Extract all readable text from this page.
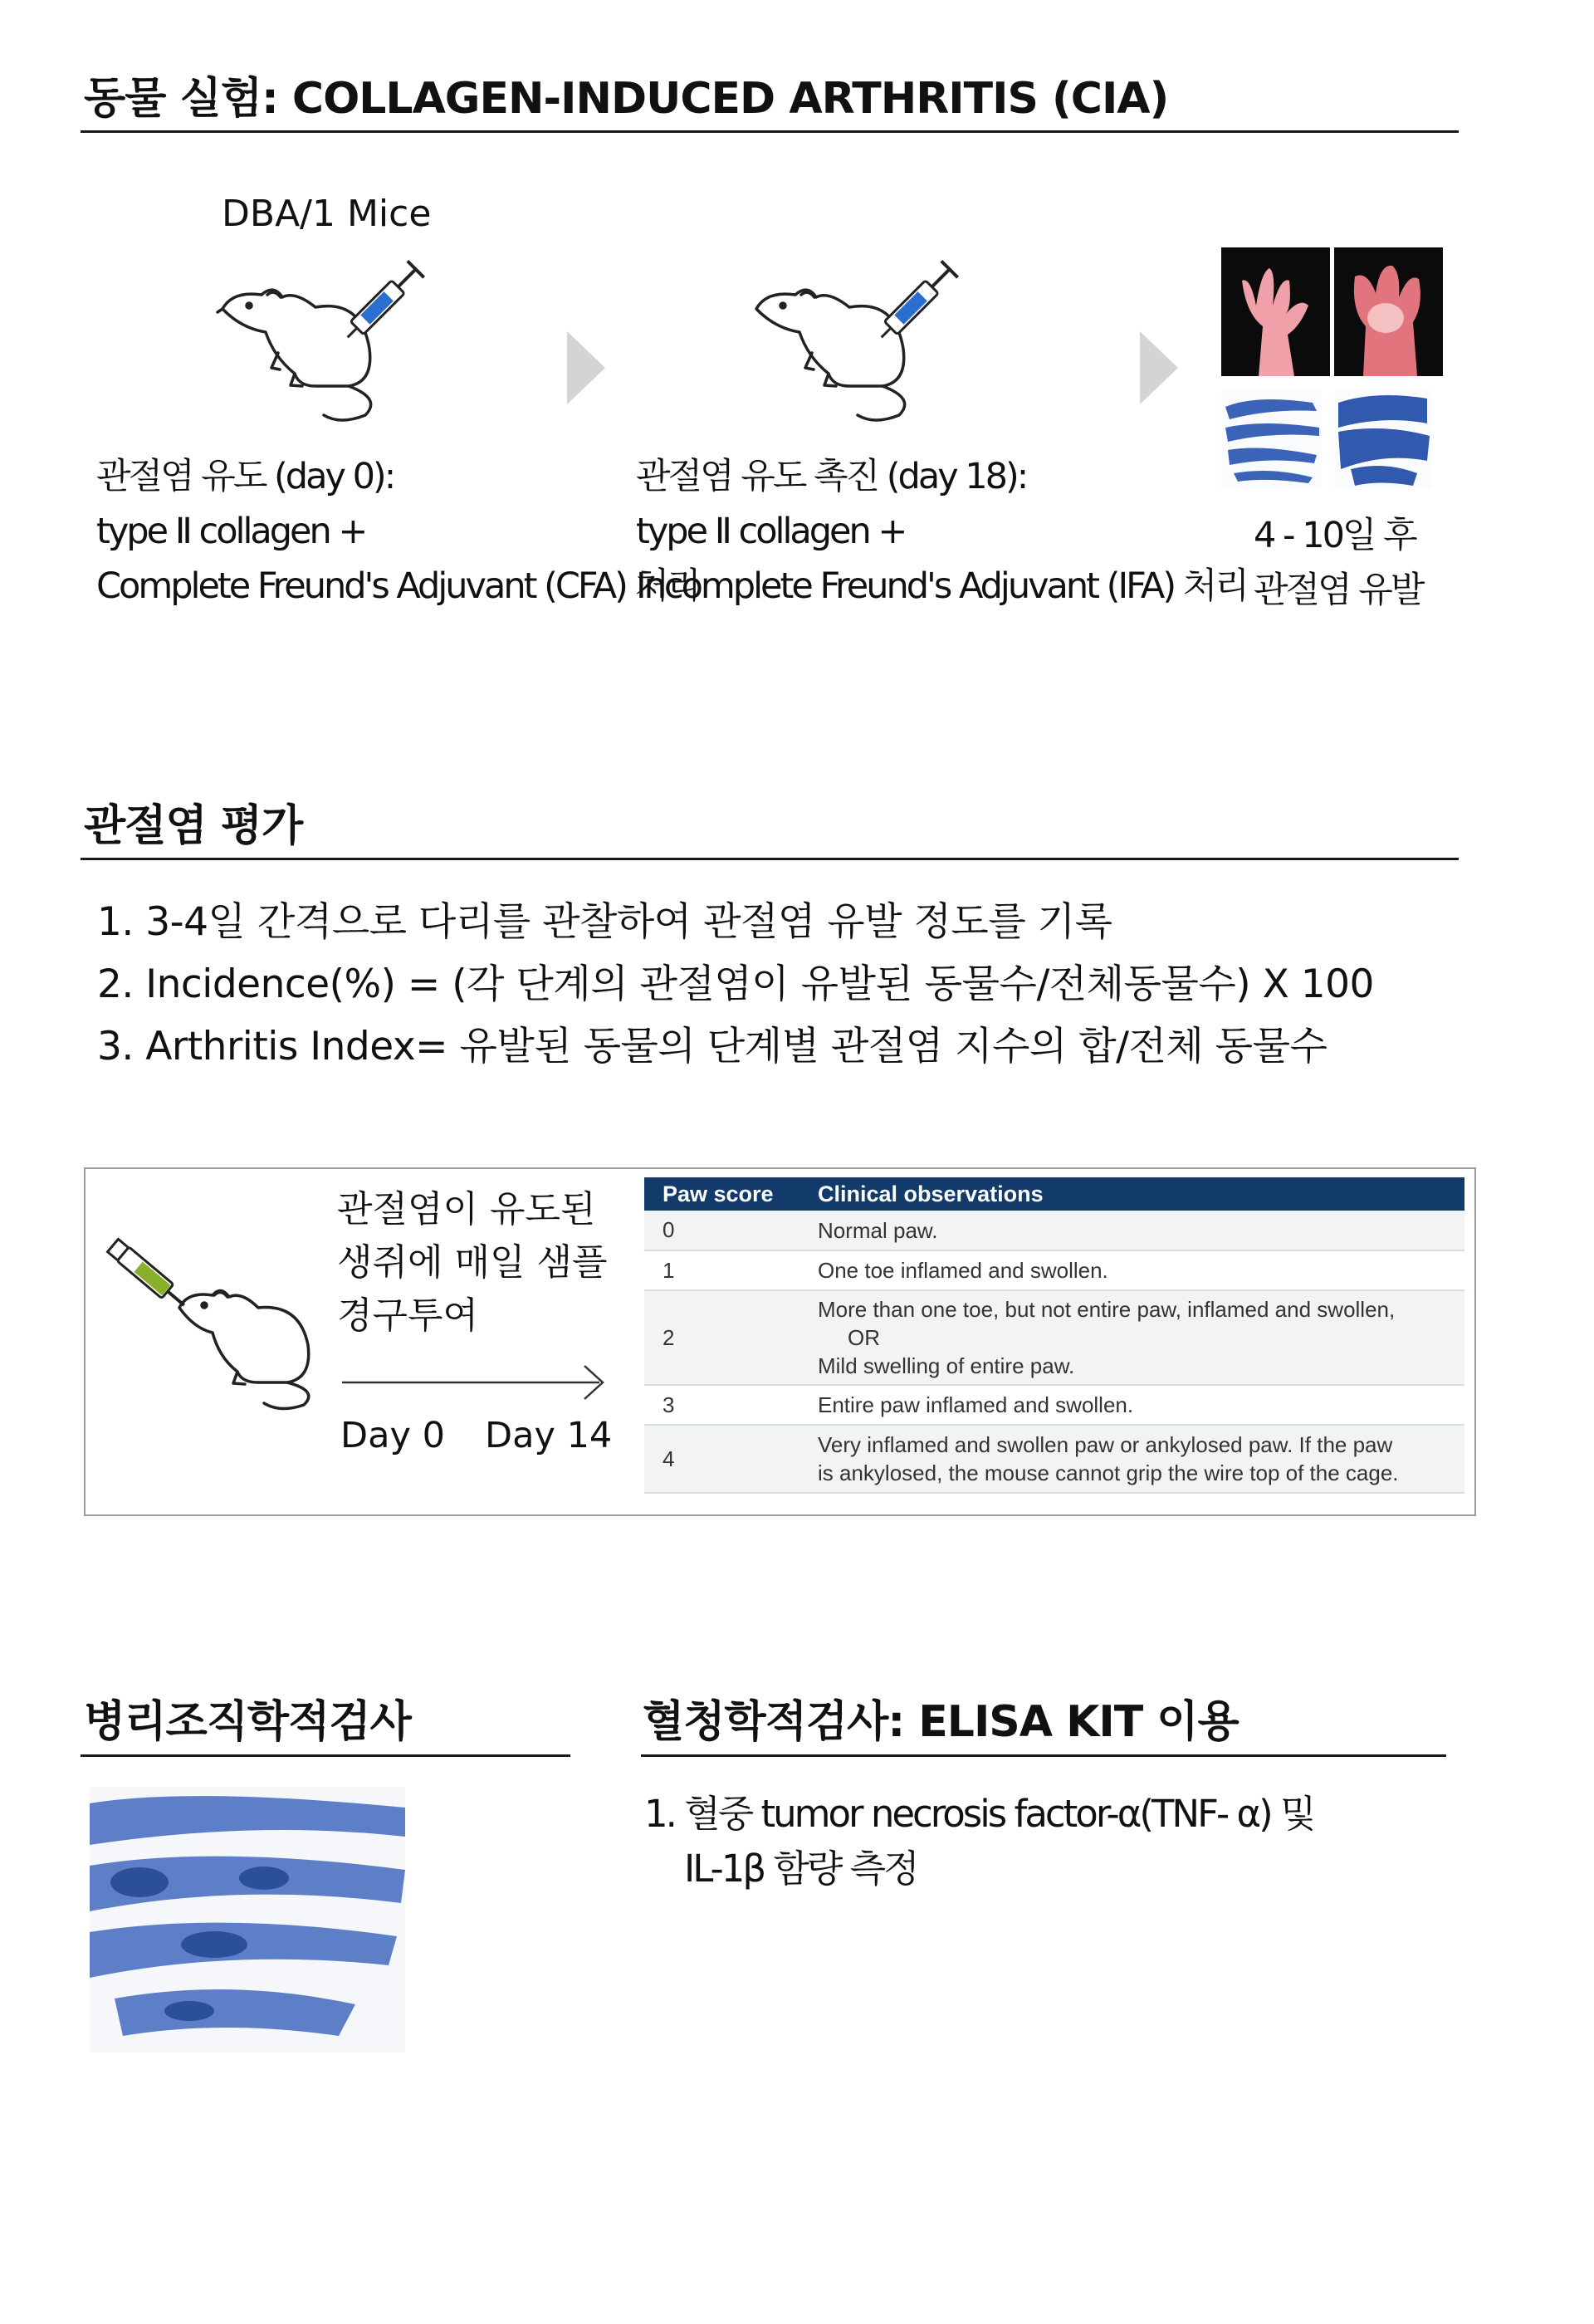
동물 실험: COLLAGEN-INDUCED ARTHRITIS (CIA)
DBA/1 Mice
관절염 유도 (day 0):
type Ⅱ collagen +
Complete Freund's Adjuvant (CFA) 처리
관절염 유도 촉진 (day 18):
type Ⅱ collagen +
Incomplete Freund's Adjuvant (IFA) 처리
4 - 10일 후
관절염 유발
관절염 평가
1. 3-4일 간격으로 다리를 관찰하여 관절염 유발 정도를 기록
2. Incidence(%) = (각 단계의 관절염이 유발된 동물수/전체동물수) X 100
3. Arthritis Index= 유발된 동물의 단계별 관절염 지수의 합/전체 동물수
관절염이 유도된
생쥐에 매일 샘플
경구투여
Day 0 Day 14
Paw score	Clinical observations
0	Normal paw.
1	One toe inflamed and swollen.
2	More than one toe, but not entire paw, inflamed and swollen,
OR
Mild swelling of entire paw.

3	Entire paw inflamed and swollen.
4	Very inflamed and swollen paw or ankylosed paw. If the paw
is ankylosed, the mouse cannot grip the wire top of the cage.
병리조직학적검사	혈청학적검사: ELISA KIT 이용
1. 혈중 tumor necrosis factor-α(TNF- α) 및
IL-1β 함량 측정
